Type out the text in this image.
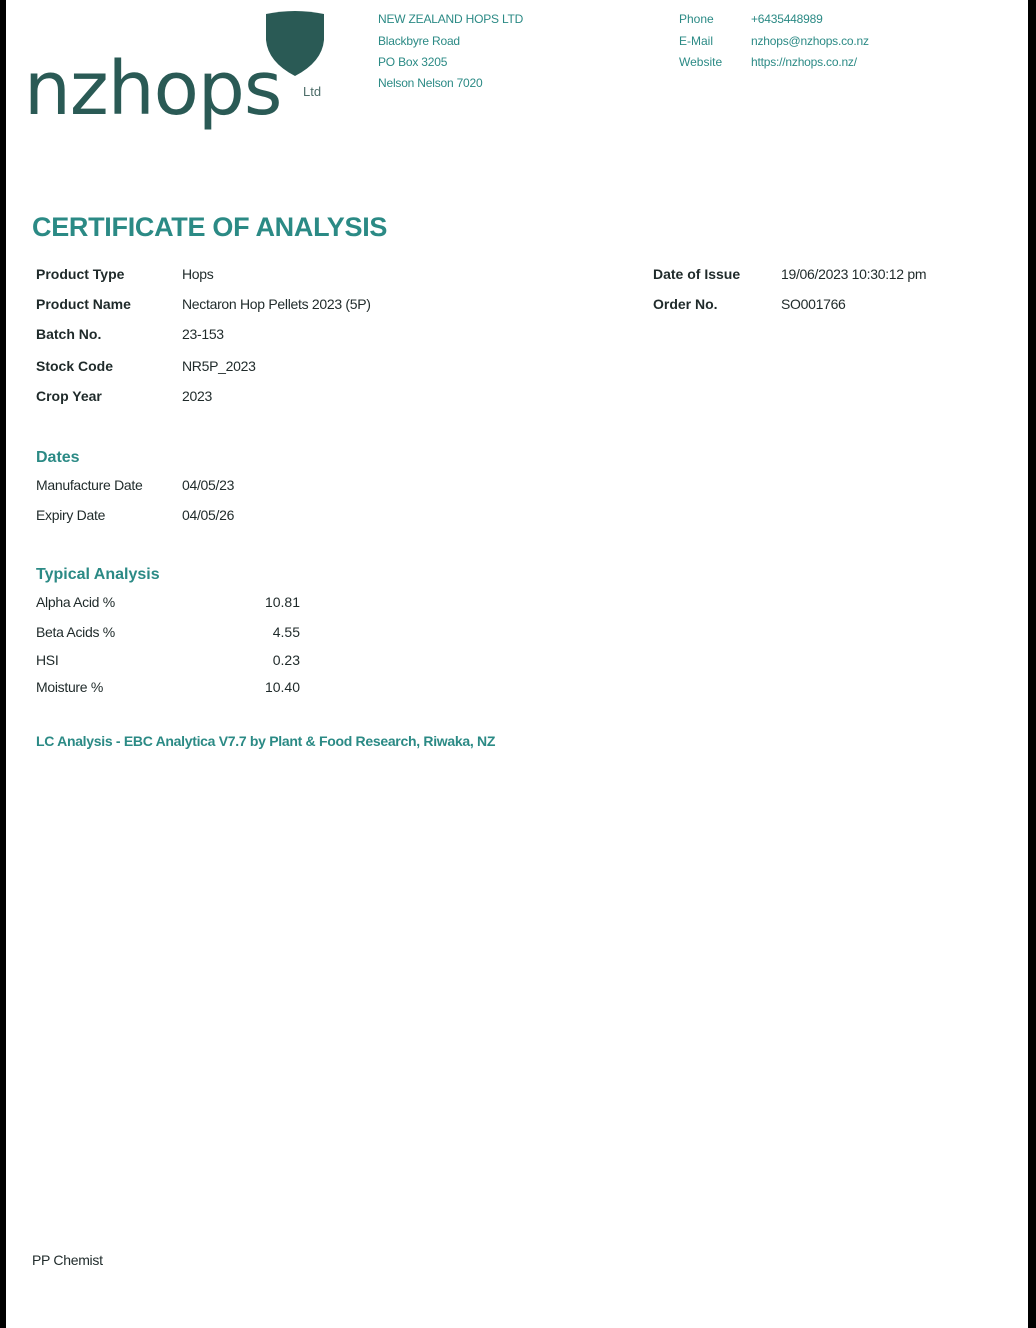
nzhops Ltd
NEW ZEALAND HOPS LTD
Blackbyre Road
PO Box 3205
Nelson Nelson 7020
Phone	+6435448989
E-Mail	nzhops@nzhops.co.nz
Website https://nzhops.co.nz/
CERTIFICATE OF ANALYSIS
Product Type	Hops
Product Name	Nectaron Hop Pellets 2023 (5P)
Batch No.	23-153
Stock Code	NR5P_2023
Crop Year	2023
Date of Issue	19/06/2023 10:30:12 pm
Order No.	SO001766
Dates
Manufacture Date	04/05/23
Expiry Date	04/05/26
Typical Analysis
Alpha Acid %	10.81
Beta Acids %	4.55
HSI	0.23
Moisture %	10.40
LC Analysis - EBC Analytica V7.7 by Plant & Food Research, Riwaka, NZ
PP Chemist
